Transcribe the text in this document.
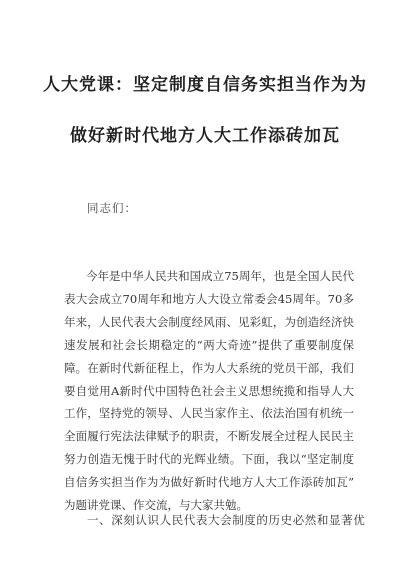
人大党课：坚定制度自信务实担当作为为
做好新时代地方人大工作添砖加瓦
同志们：
今年是中华人民共和国成立75周年，也是全国人民代
表大会成立70周年和地方人大设立常委会45周年。70多
年来，人民代表大会制度经风雨、见彩虹，为创造经济快
速发展和社会长期稳定的“两大奇迹”提供了重要制度保
障。在新时代新征程上，作为人大系统的党员干部，我们
要自觉用A新时代中国特色社会主义思想统揽和指导人大
工作，坚持党的领导、人民当家作主、依法治国有机统一
全面履行宪法法律赋予的职责，不断发展全过程人民民主
努力创造无愧于时代的光辉业绩。下面，我以“坚定制度
自信务实担当作为为做好新时代地方人大工作添砖加瓦”
为题讲党课、作交流，与大家共勉。
一、深刻认识人民代表大会制度的历史必然和显著优
